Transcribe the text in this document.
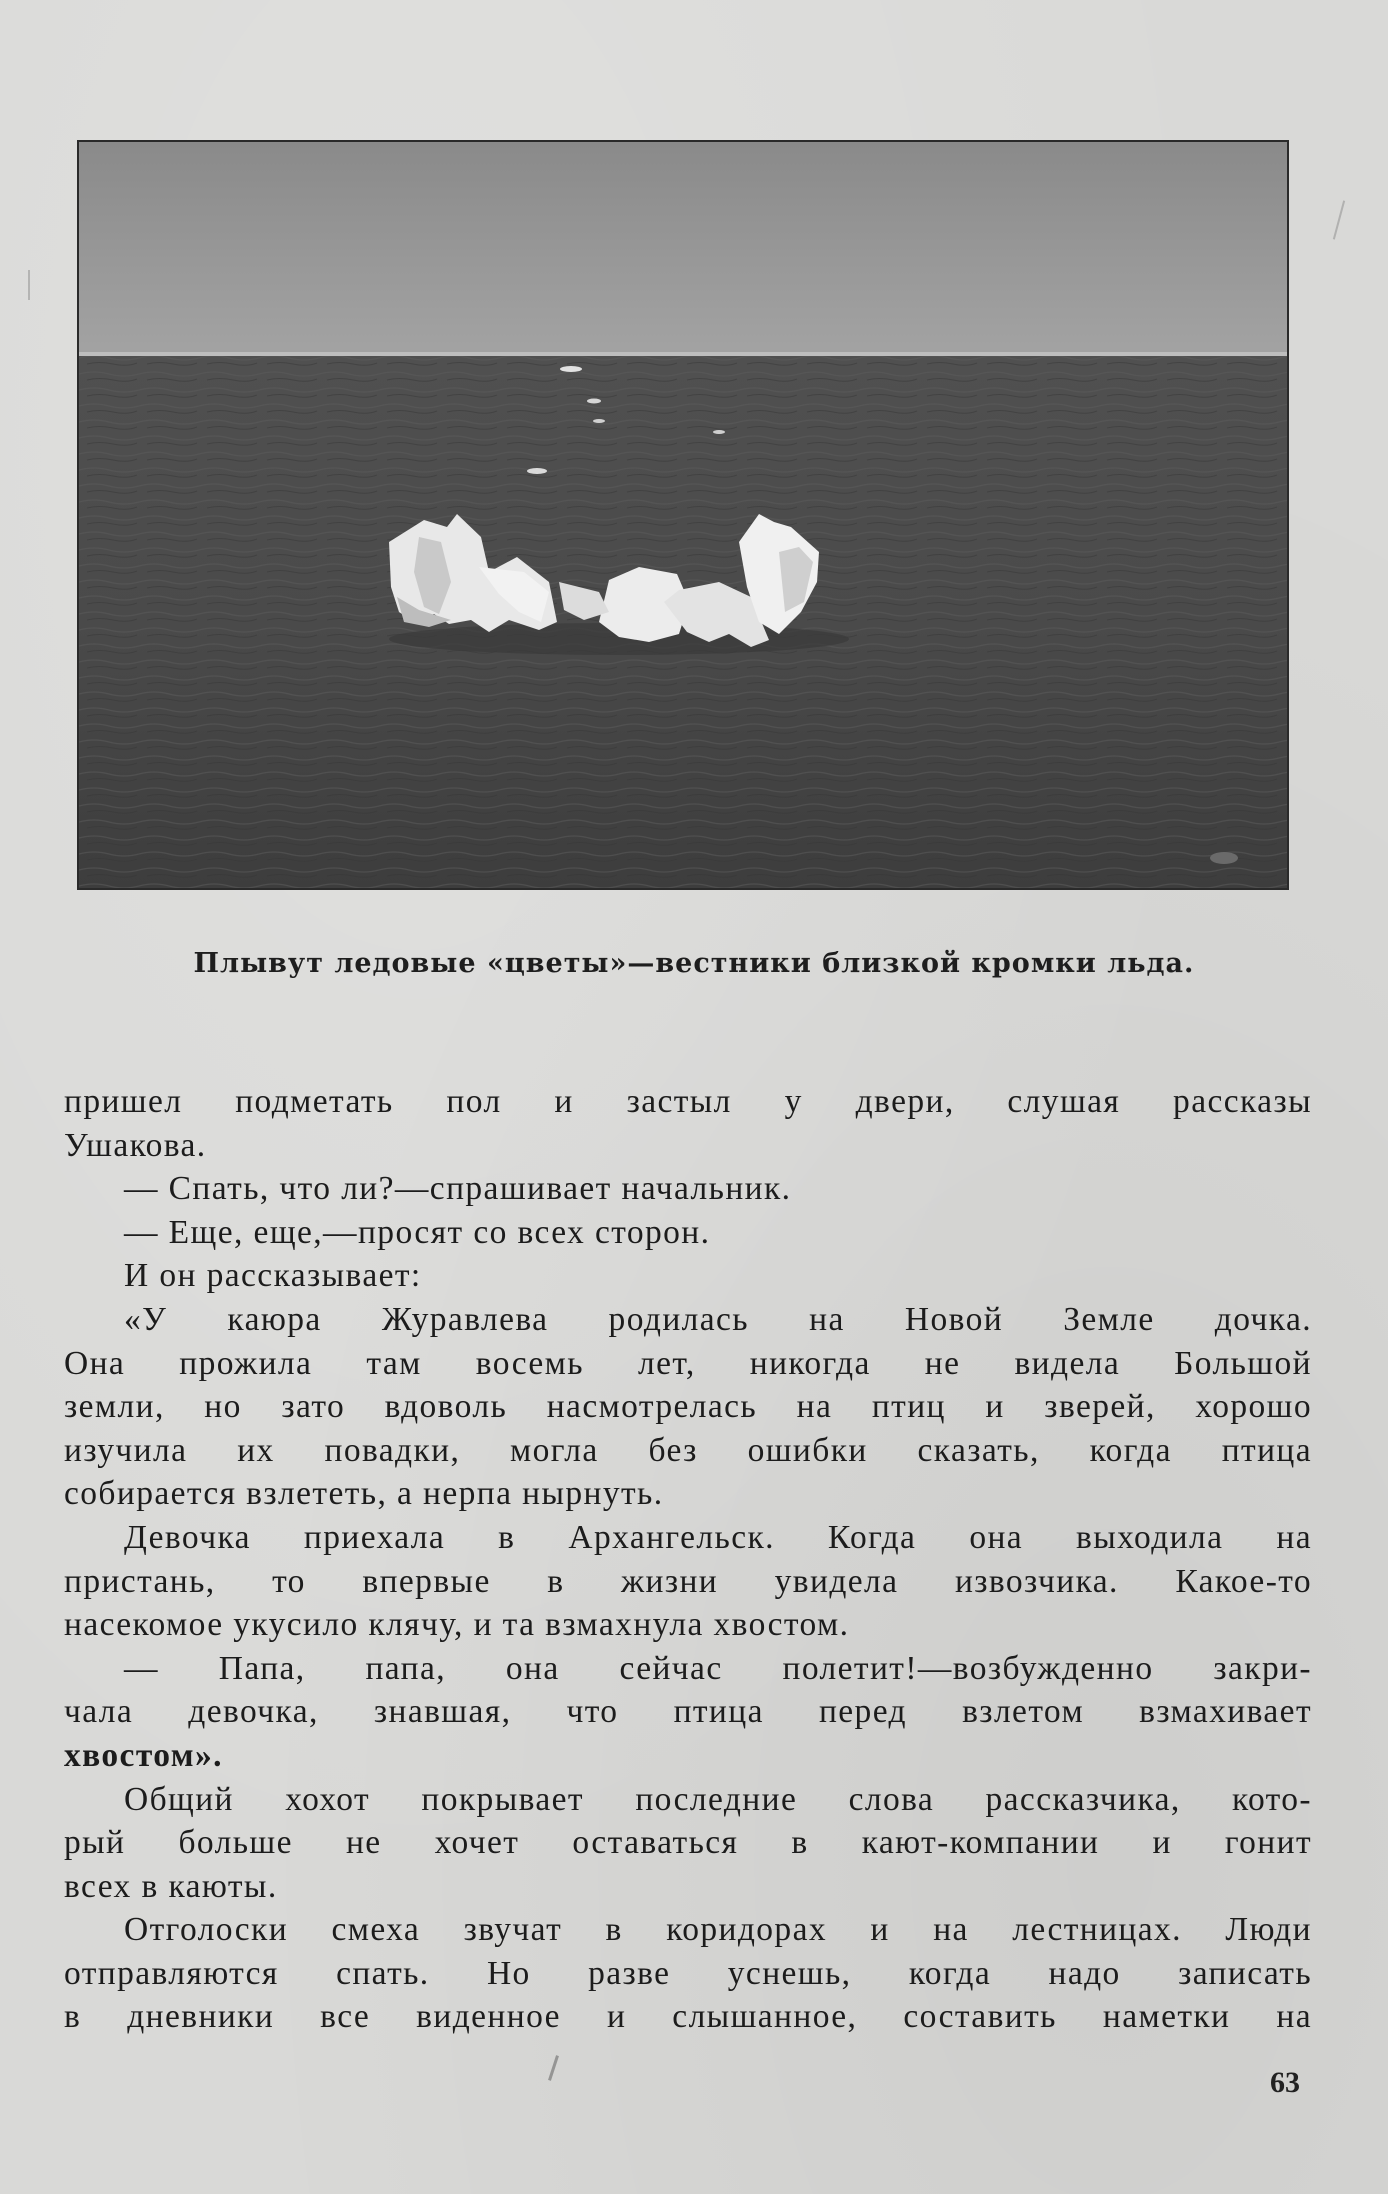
Плывут ледовые «цветы»—вестники близкой кромки льда.
пришел подметать пол и застыл у двери, слушая рассказы
Ушакова.
— Спать, что ли?—спрашивает начальник.
— Еще, еще,—просят со всех сторон.
И он рассказывает:
«У каюра Журавлева родилась на Новой Земле дочка.
Она прожила там восемь лет, никогда не видела Большой
земли, но зато вдоволь насмотрелась на птиц и зверей, хорошо
изучила их повадки, могла без ошибки сказать, когда птица
собирается взлететь, а нерпа нырнуть.
Девочка приехала в Архангельск. Когда она выходила на
пристань, то впервые в жизни увидела извозчика. Какое-то
насекомое укусило клячу, и та взмахнула хвостом.
— Папа, папа, она сейчас полетит!—возбужденно закри-
чала девочка, знавшая, что птица перед взлетом взмахивает
хвостом».
Общий хохот покрывает последние слова рассказчика, кото-
рый больше не хочет оставаться в кают-компании и гонит
всех в каюты.
Отголоски смеха звучат в коридорах и на лестницах. Люди
отправляются спать. Но разве уснешь, когда надо записать
в дневники все виденное и слышанное, составить наметки на
63
